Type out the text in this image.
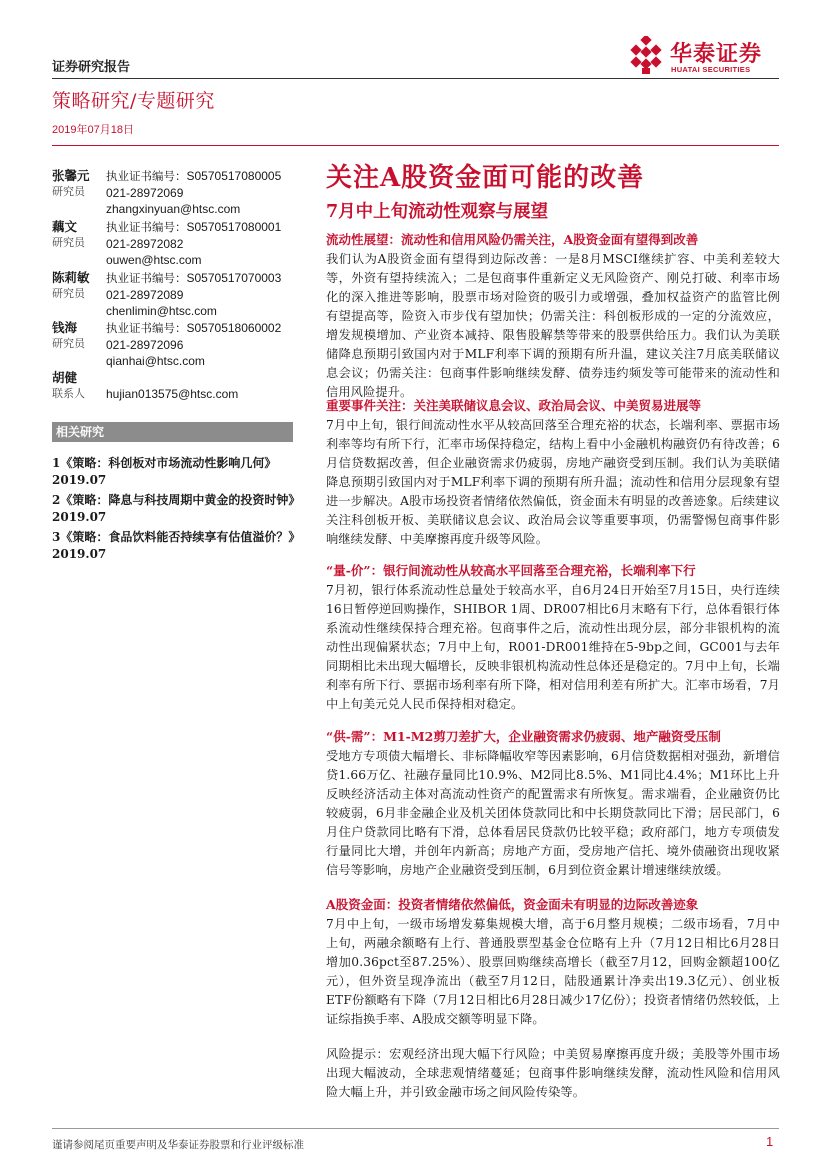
证券研究报告
华泰证券
HUATAI SECURITIES
策略研究/专题研究
2019年07月18日
张馨元
研究员
执业证书编号：S0570517080005
021-28972069
zhangxinyuan@htsc.com
藕文
研究员
执业证书编号：S0570517080001
021-28972082
ouwen@htsc.com
陈莉敏
研究员
执业证书编号：S0570517070003
021-28972089
chenlimin@htsc.com
钱海
研究员
执业证书编号：S0570518060002
021-28972096
qianhai@htsc.com
胡健
联系人 hujian013575@htsc.com
相关研究
1《策略：科创板对市场流动性影响几何》2019.07
2《策略：降息与科技周期中黄金的投资时钟》2019.07
3《策略：食品饮料能否持续享有估值溢价？》2019.07
关注A股资金面可能的改善
7月中上旬流动性观察与展望
流动性展望：流动性和信用风险仍需关注，A股资金面有望得到改善

我们认为A股资金面有望得到边际改善：一是8月MSCI继续扩容、中美利差较大等，外资有望持续流入；二是包商事件重新定义无风险资产、刚兑打破、利率市场化的深入推进等影响，股票市场对险资的吸引力或增强，叠加权益资产的监管比例有望提高等，险资入市步伐有望加快；仍需关注：科创板形成的一定的分流效应，增发规模增加、产业资本减持、限售股解禁等带来的股票供给压力。我们认为美联储降息预期引致国内对于MLF利率下调的预期有所升温，建议关注7月底美联储议息会议；仍需关注：包商事件影响继续发酵、债券违约频发等可能带来的流动性和信用风险提升。

重要事件关注：关注美联储议息会议、政治局会议、中美贸易进展等

7月中上旬，银行间流动性水平从较高回落至合理充裕的状态，长端利率、票据市场利率等均有所下行，汇率市场保持稳定，结构上看中小金融机构融资仍有待改善；6月信贷数据改善，但企业融资需求仍疲弱，房地产融资受到压制。我们认为美联储降息预期引致国内对于MLF利率下调的预期有所升温；流动性和信用分层现象有望进一步解决。A股市场投资者情绪依然偏低，资金面未有明显的改善迹象。后续建议关注科创板开板、美联储议息会议、政治局会议等重要事项，仍需警惕包商事件影响继续发酵、中美摩擦再度升级等风险。

“量-价”：银行间流动性从较高水平回落至合理充裕，长端利率下行

7月初，银行体系流动性总量处于较高水平，自6月24日开始至7月15日，央行连续16日暂停逆回购操作，SHIBOR 1周、DR007相比6月末略有下行，总体看银行体系流动性继续保持合理充裕。包商事件之后，流动性出现分层，部分非银机构的流动性出现偏紧状态；7月中上旬，R001-DR001维持在5-9bp之间，GC001与去年同期相比未出现大幅增长，反映非银机构流动性总体还是稳定的。7月中上旬，长端利率有所下行、票据市场利率有所下降，相对信用利差有所扩大。汇率市场看，7月中上旬美元兑人民币保持相对稳定。

“供-需”：M1-M2剪刀差扩大，企业融资需求仍疲弱、地产融资受压制

受地方专项债大幅增长、非标降幅收窄等因素影响，6月信贷数据相对强劲，新增信贷1.66万亿、社融存量同比10.9%、M2同比8.5%、M1同比4.4%；M1环比上升反映经济活动主体对高流动性资产的配置需求有所恢复。需求端看，企业融资仍比较疲弱，6月非金融企业及机关团体贷款同比和中长期贷款同比下滑；居民部门，6月住户贷款同比略有下滑，总体看居民贷款仍比较平稳；政府部门，地方专项债发行量同比大增，并创年内新高；房地产方面，受房地产信托、境外债融资出现收紧信号等影响，房地产企业融资受到压制，6月到位资金累计增速继续放缓。

A股资金面：投资者情绪依然偏低，资金面未有明显的边际改善迹象

7月中上旬，一级市场增发募集规模大增，高于6月整月规模；二级市场看，7月中上旬，两融余额略有上行、普通股票型基金仓位略有上升（7月12日相比6月28日增加0.36pct至87.25%）、股票回购继续高增长（截至7月12，回购金额超100亿元），但外资呈现净流出（截至7月12日，陆股通累计净卖出19.3亿元）、创业板ETF份额略有下降（7月12日相比6月28日减少17亿份）；投资者情绪仍然较低，上证综指换手率、A股成交额等明显下降。

风险提示：宏观经济出现大幅下行风险；中美贸易摩擦再度升级；美股等外围市场出现大幅波动，全球悲观情绪蔓延；包商事件影响继续发酵，流动性风险和信用风险大幅上升，并引致金融市场之间风险传染等。

谨请参阅尾页重要声明及华泰证券股票和行业评级标准	1
